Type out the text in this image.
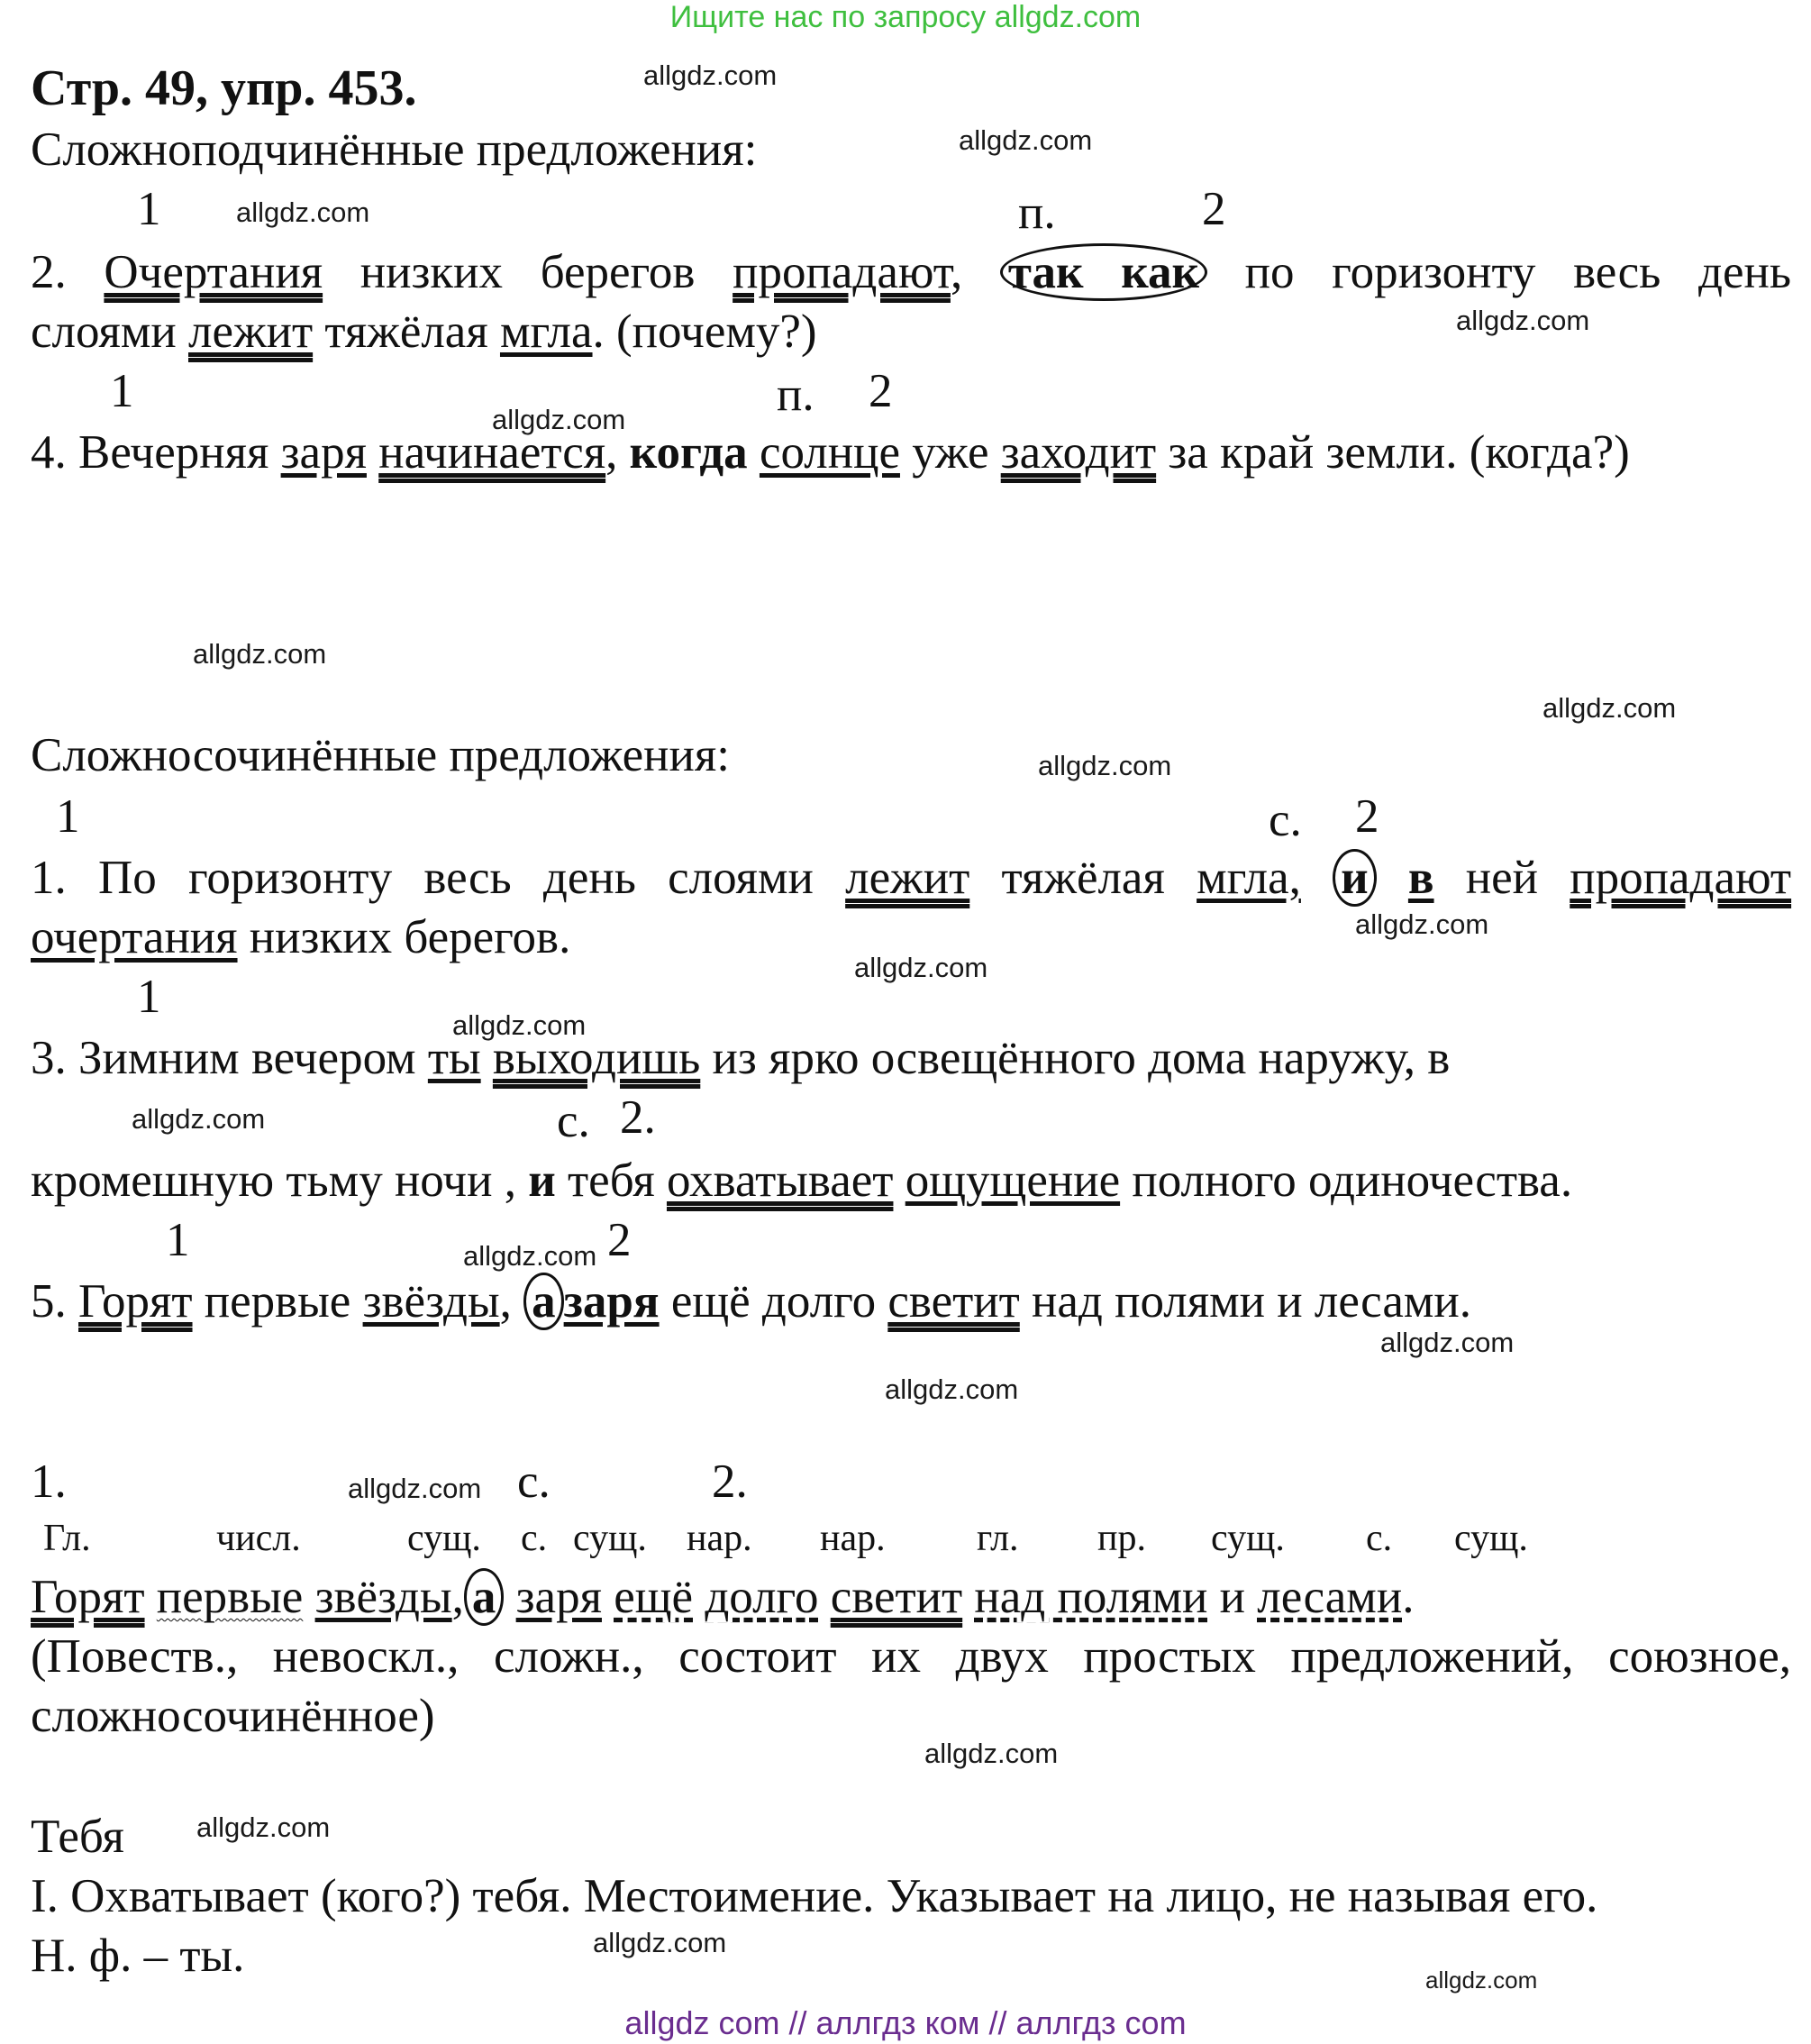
Ищите нас по запросу allgdz.com
allgdz com // аллгдз ком // аллгдз com
Стр. 49, упр. 453.
Сложноподчинённые предложения:
1	п.	2
2. Очертания низких берегов пропадают, так как по горизонту весь день
слоями лежит тяжёлая мгла. (почему?)
1	п. 2
4. Вечерняя заря начинается, когда солнце уже заходит за край земли. (когда?)
Сложносочинённые предложения:
1	с. 2
1. По горизонту весь день слоями лежит тяжёлая мгла, и в ней пропадают
очертания низких берегов.
1
с. 2.
3. Зимним вечером ты выходишь из ярко освещённого дома наружу, в
кромешную тьму ночи , и тебя охватывает ощущение полного одиночества.
1	2
5. Горят первые звёзды, а заря ещё долго светит над полями и лесами.
1.	с.	2.
Гл.	числ.	сущ. с. сущ. нар. нар. гл. пр. сущ. с. сущ.
Горят первые звёзды, а заря ещё долго светит над полями и лесами.
(Повеств., невоскл., сложн., состоит их двух простых предложений, союзное,
сложносочинённое)
Тебя
I. Охватывает (кого?) тебя. Местоимение. Указывает на лицо, не называя его.
Н. ф. – ты.
allgdz.com
allgdz.com
allgdz.com
allgdz.com
allgdz.com
allgdz.com
allgdz.com
allgdz.com
allgdz.com
allgdz.com
allgdz.com
allgdz.com
allgdz.com
allgdz.com
allgdz.com
allgdz.com
allgdz.com
allgdz.com
allgdz.com
allgdz.com
